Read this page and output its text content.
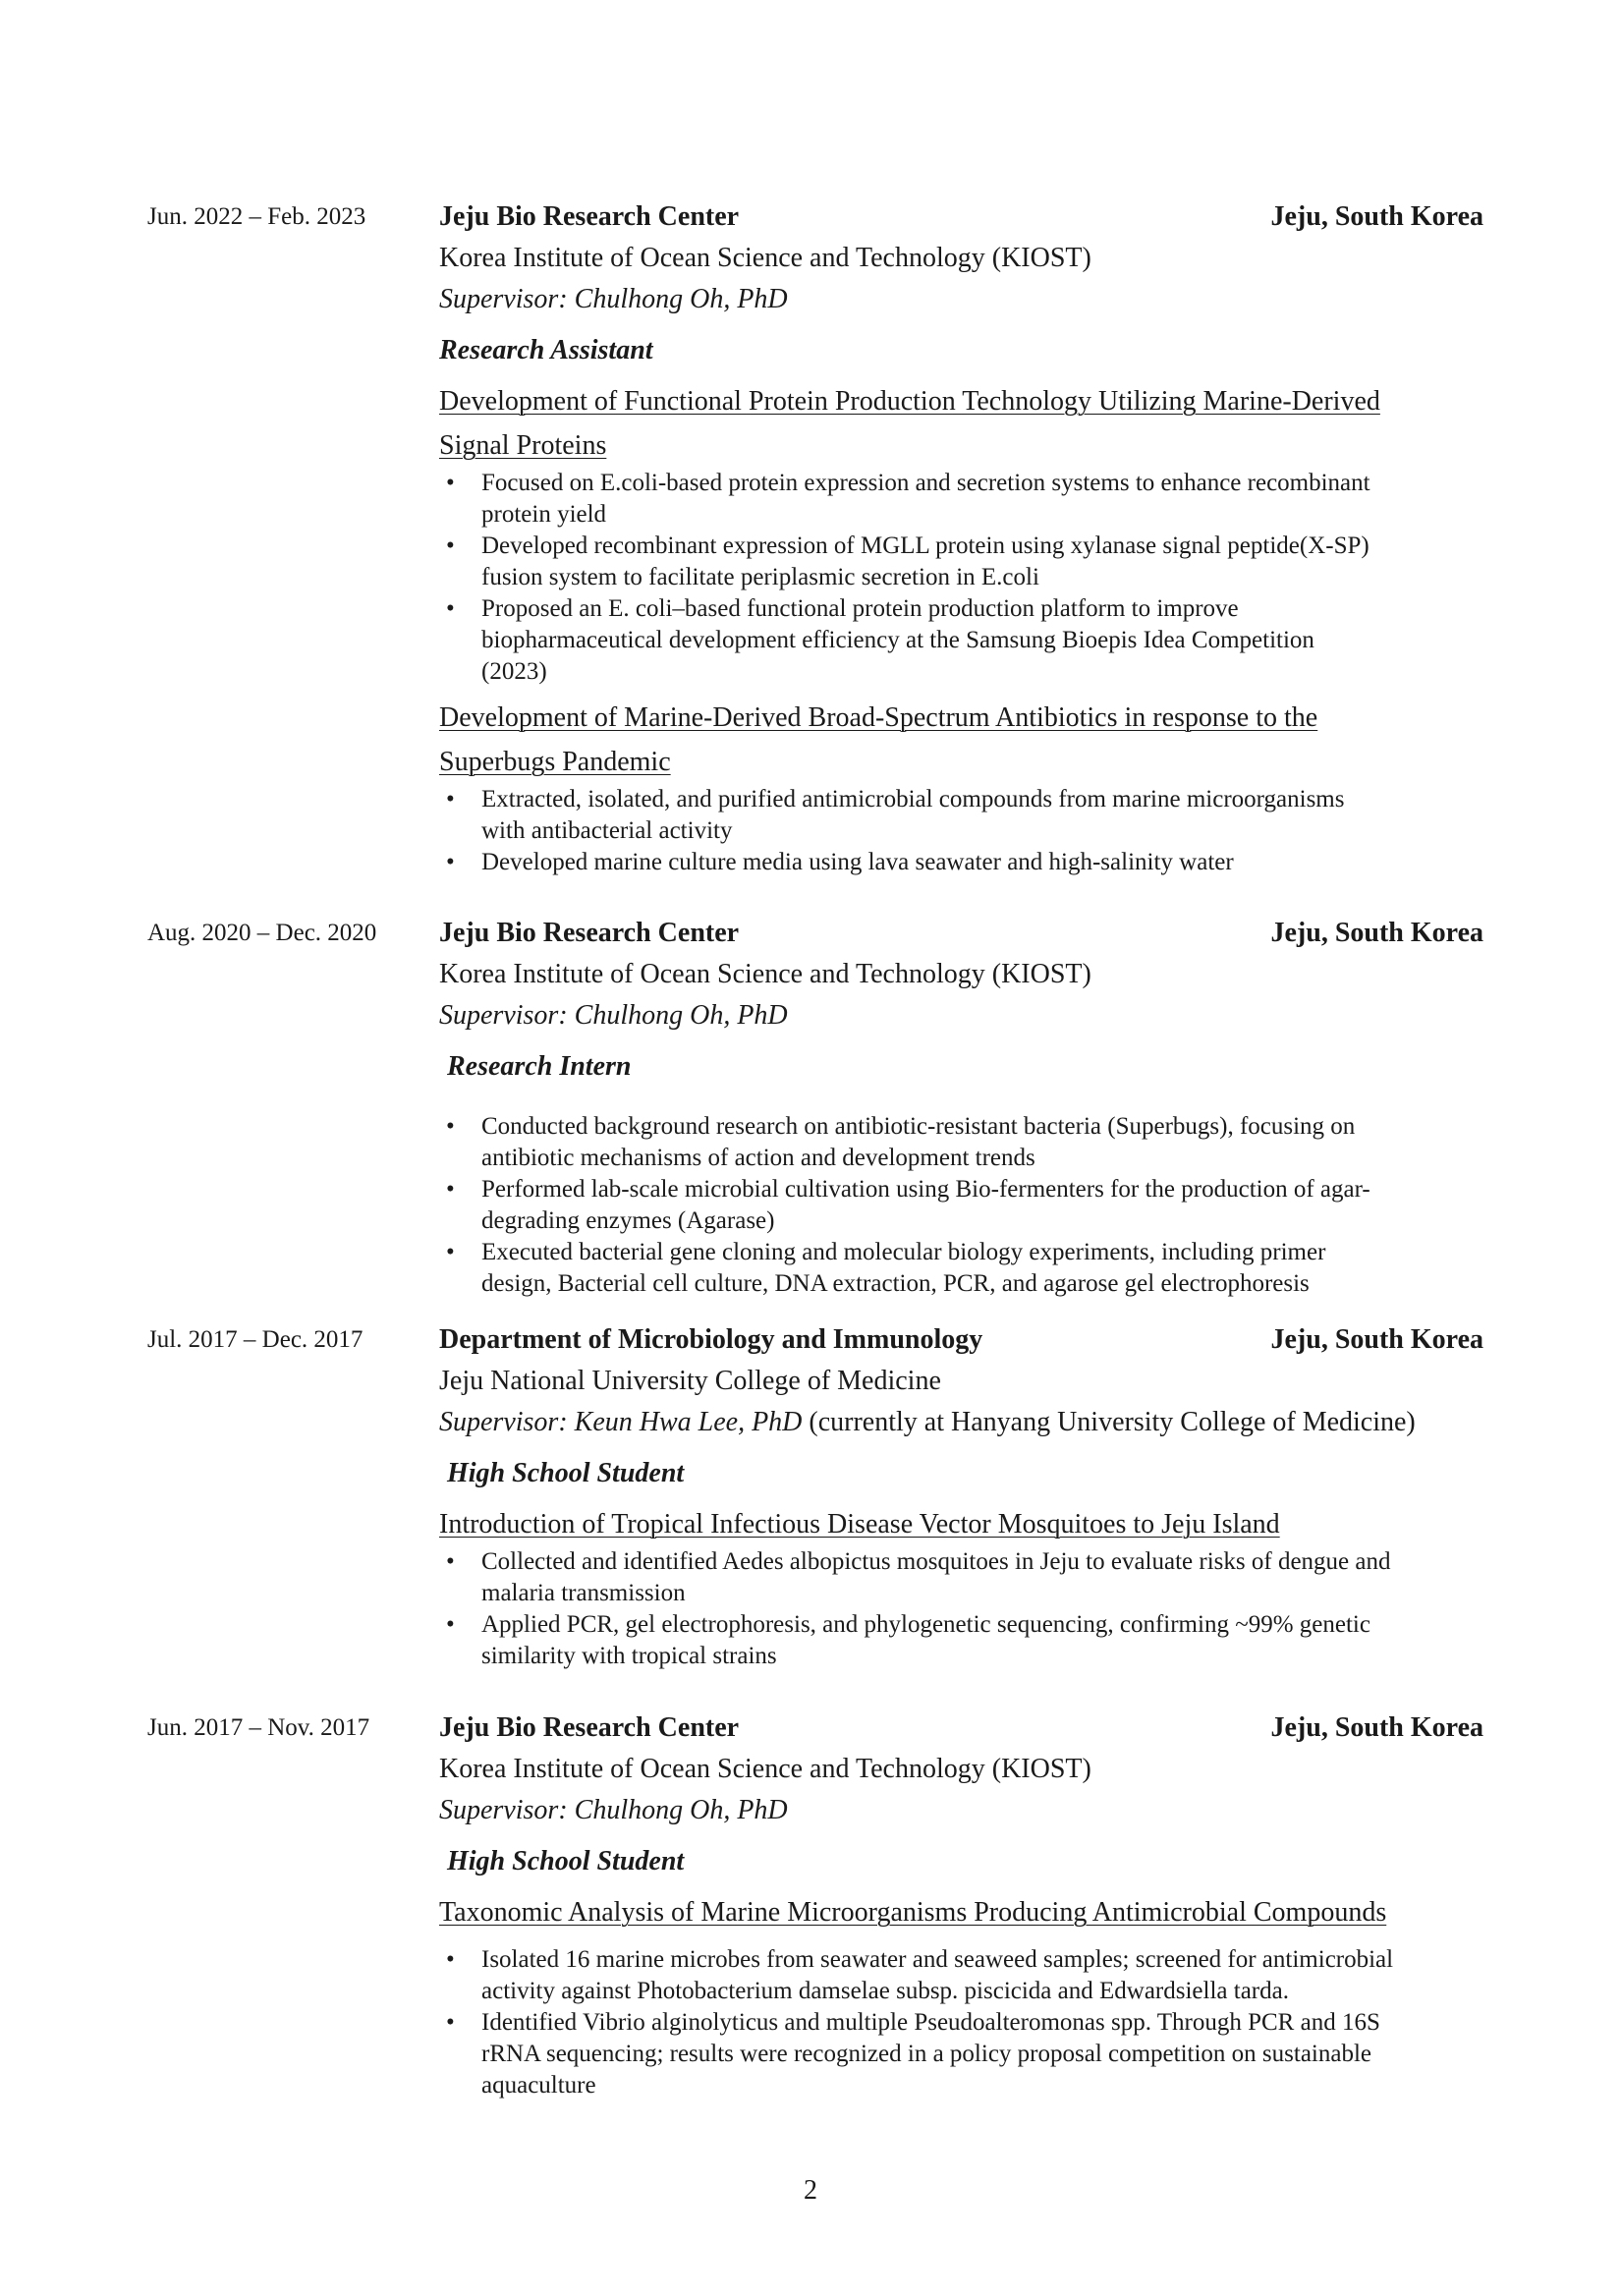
Jun. 2022 – Feb. 2023	Jeju Bio Research Center	Jeju, South Korea
Korea Institute of Ocean Science and Technology (KIOST)
Supervisor: Chulhong Oh, PhD
Research Assistant
Development of Functional Protein Production Technology Utilizing Marine-Derived
Signal Proteins
• Focused on E.coli-based protein expression and secretion systems to enhance recombinant
protein yield
• Developed recombinant expression of MGLL protein using xylanase signal peptide(X-SP)
fusion system to facilitate periplasmic secretion in E.coli
• Proposed an E. coli–based functional protein production platform to improve
biopharmaceutical development efficiency at the Samsung Bioepis Idea Competition
(2023)
Development of Marine-Derived Broad-Spectrum Antibiotics in response to the
Superbugs Pandemic
• Extracted, isolated, and purified antimicrobial compounds from marine microorganisms
with antibacterial activity
• Developed marine culture media using lava seawater and high-salinity water
Aug. 2020 – Dec. 2020	Jeju Bio Research Center	Jeju, South Korea
Korea Institute of Ocean Science and Technology (KIOST)
Supervisor: Chulhong Oh, PhD
Research Intern
• Conducted background research on antibiotic-resistant bacteria (Superbugs), focusing on
antibiotic mechanisms of action and development trends
• Performed lab-scale microbial cultivation using Bio-fermenters for the production of agar-
degrading enzymes (Agarase)
• Executed bacterial gene cloning and molecular biology experiments, including primer
design, Bacterial cell culture, DNA extraction, PCR, and agarose gel electrophoresis
Jul. 2017 – Dec. 2017	Department of Microbiology and Immunology	Jeju, South Korea
Jeju National University College of Medicine
Supervisor: Keun Hwa Lee, PhD (currently at Hanyang University College of Medicine)
High School Student
Introduction of Tropical Infectious Disease Vector Mosquitoes to Jeju Island
• Collected and identified Aedes albopictus mosquitoes in Jeju to evaluate risks of dengue and
malaria transmission
• Applied PCR, gel electrophoresis, and phylogenetic sequencing, confirming ~99% genetic
similarity with tropical strains
Jun. 2017 – Nov. 2017	Jeju Bio Research Center	Jeju, South Korea
Korea Institute of Ocean Science and Technology (KIOST)
Supervisor: Chulhong Oh, PhD
High School Student
Taxonomic Analysis of Marine Microorganisms Producing Antimicrobial Compounds
• Isolated 16 marine microbes from seawater and seaweed samples; screened for antimicrobial
activity against Photobacterium damselae subsp. piscicida and Edwardsiella tarda.
• Identified Vibrio alginolyticus and multiple Pseudoalteromonas spp. Through PCR and 16S
rRNA sequencing; results were recognized in a policy proposal competition on sustainable
aquaculture
2
